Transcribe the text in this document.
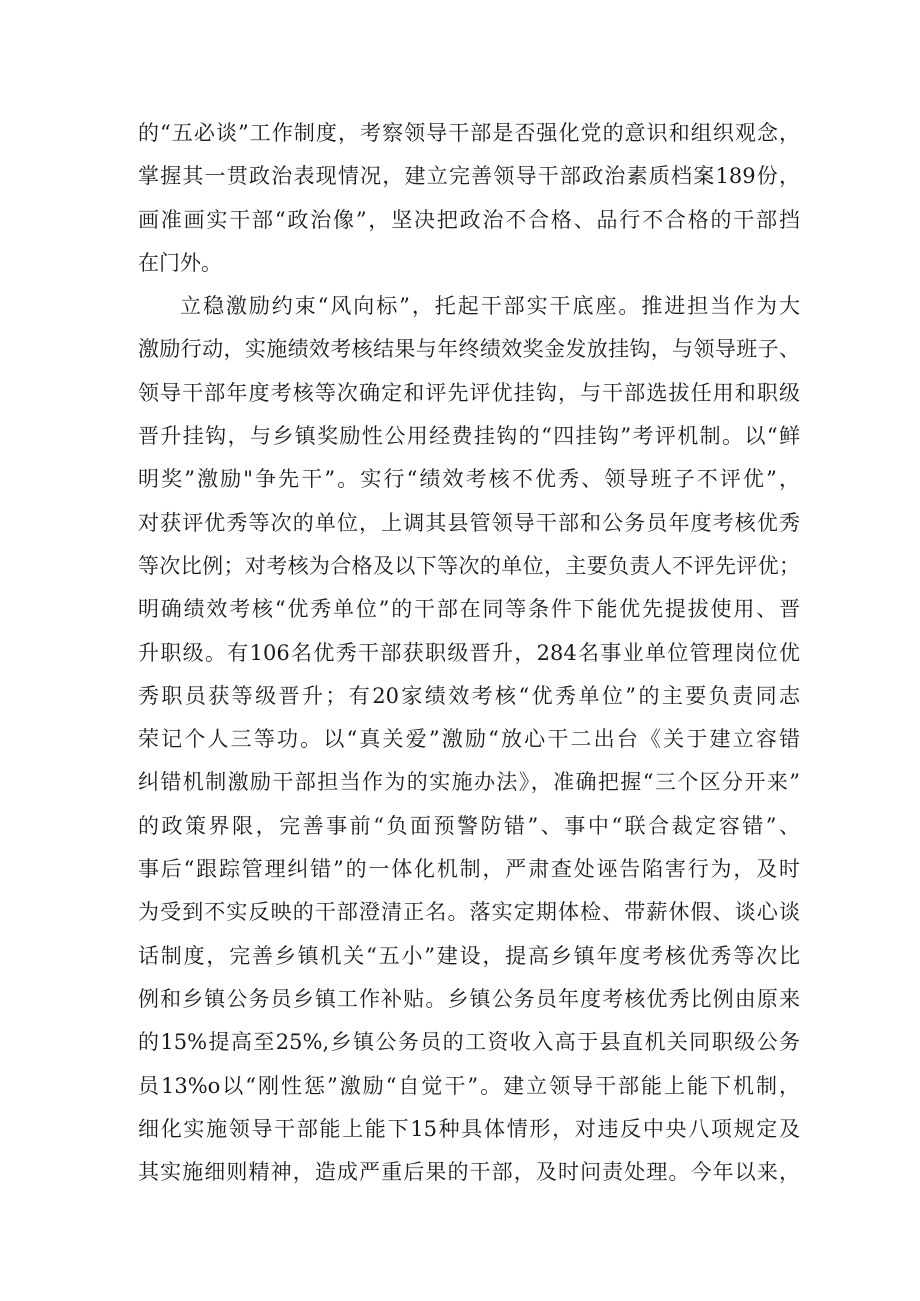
的“五必谈”工作制度，考察领导干部是否强化党的意识和组织观念，
掌握其一贯政治表现情况，建立完善领导干部政治素质档案189份，
画准画实干部“政治像”，坚决把政治不合格、品行不合格的干部挡
在门外。
立稳激励约束“风向标”，托起干部实干底座。推进担当作为大
激励行动，实施绩效考核结果与年终绩效奖金发放挂钩，与领导班子、
领导干部年度考核等次确定和评先评优挂钩，与干部选拔任用和职级
晋升挂钩，与乡镇奖励性公用经费挂钩的“四挂钩”考评机制。以“鲜
明奖”激励"争先干”。实行“绩效考核不优秀、领导班子不评优”，
对获评优秀等次的单位，上调其县管领导干部和公务员年度考核优秀
等次比例；对考核为合格及以下等次的单位，主要负责人不评先评优；
明确绩效考核“优秀单位”的干部在同等条件下能优先提拔使用、晋
升职级。有106名优秀干部获职级晋升，284名事业单位管理岗位优
秀职员获等级晋升；有20家绩效考核“优秀单位”的主要负责同志
荣记个人三等功。以“真关爱”激励“放心干二出台《关于建立容错
纠错机制激励干部担当作为的实施办法》，准确把握“三个区分开来”
的政策界限，完善事前“负面预警防错”、事中“联合裁定容错”、
事后“跟踪管理纠错”的一体化机制，严肃查处诬告陷害行为，及时
为受到不实反映的干部澄清正名。落实定期体检、带薪休假、谈心谈
话制度，完善乡镇机关“五小”建设，提高乡镇年度考核优秀等次比
例和乡镇公务员乡镇工作补贴。乡镇公务员年度考核优秀比例由原来
的15%提高至25%,乡镇公务员的工资收入高于县直机关同职级公务
员13%o以“刚性惩”激励“自觉干”。建立领导干部能上能下机制，
细化实施领导干部能上能下15种具体情形，对违反中央八项规定及
其实施细则精神，造成严重后果的干部，及时问责处理。今年以来，
